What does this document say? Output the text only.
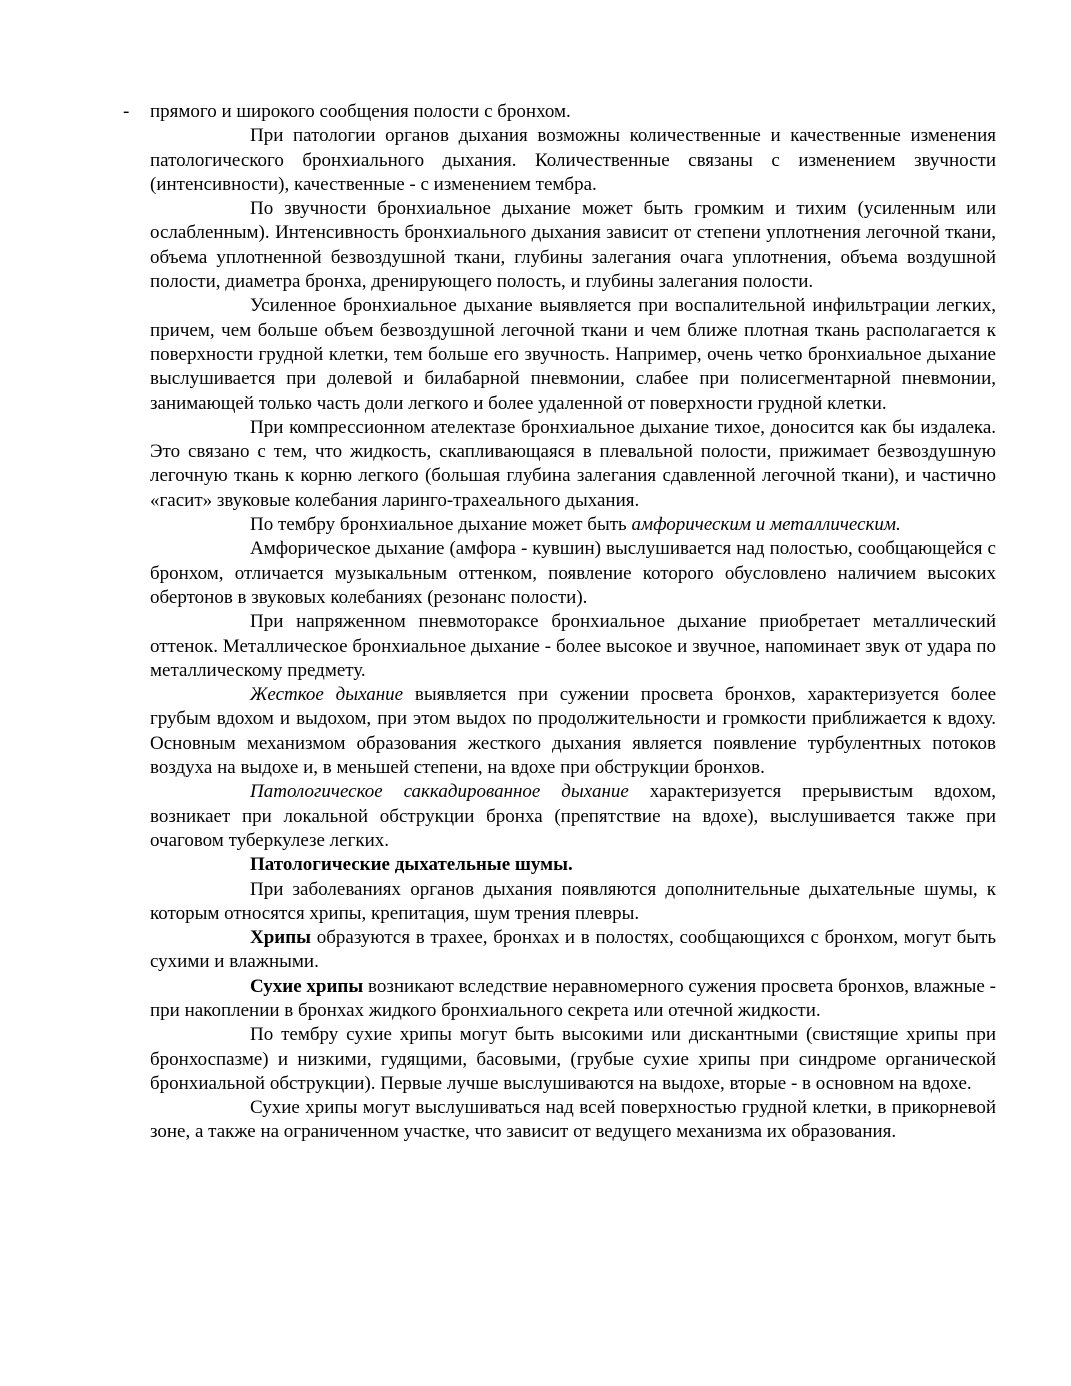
- прямого и широкого сообщения полости с бронхом.

При патологии органов дыхания возможны количественные и качественные изменения патологического бронхиального дыхания. Количественные связаны с изменением звучности (интенсивности), качественные - с изменением тембра.

По звучности бронхиальное дыхание может быть громким и тихим (усиленным или ослабленным). Интенсивность бронхиального дыхания зависит от степени уплотнения легочной ткани, объема уплотненной безвоздушной ткани, глубины залегания очага уплотнения, объема воздушной полости, диаметра бронха, дренирующего полость, и глубины залегания полости.

Усиленное бронхиальное дыхание выявляется при воспалительной инфильтрации легких, причем, чем больше объем безвоздушной легочной ткани и чем ближе плотная ткань располагается к поверхности грудной клетки, тем больше его звучность. Например, очень четко бронхиальное дыхание выслушивается при долевой и билабарной пневмонии, слабее при полисегментарной пневмонии, занимающей только часть доли легкого и более удаленной от поверхности грудной клетки.

При компрессионном ателектазе бронхиальное дыхание тихое, доносится как бы издалека. Это связано с тем, что жидкость, скапливающаяся в плевальной полости, прижимает безвоздушную легочную ткань к корню легкого (большая глубина залегания сдавленной легочной ткани), и частично «гасит» звуковые колебания ларинго-трахеального дыхания.

По тембру бронхиальное дыхание может быть амфорическим и металлическим.

Амфорическое дыхание (амфора - кувшин) выслушивается над полостью, сообщающейся с бронхом, отличается музыкальным оттенком, появление которого обусловлено наличием высоких обертонов в звуковых колебаниях (резонанс полости).

При напряженном пневмотораксе бронхиальное дыхание приобретает металлический оттенок. Металлическое бронхиальное дыхание - более высокое и звучное, напоминает звук от удара по металлическому предмету.

Жесткое дыхание выявляется при сужении просвета бронхов, характеризуется более грубым вдохом и выдохом, при этом выдох по продолжительности и громкости приближается к вдоху. Основным механизмом образования жесткого дыхания является появление турбулентных потоков воздуха на выдохе и, в меньшей степени, на вдохе при обструкции бронхов.

Патологическое саккадированное дыхание характеризуется прерывистым вдохом, возникает при локальной обструкции бронха (препятствие на вдохе), выслушивается также при очаговом туберкулезе легких.

Патологические дыхательные шумы.

При заболеваниях органов дыхания появляются дополнительные дыхательные шумы, к которым относятся хрипы, крепитация, шум трения плевры.

Хрипы образуются в трахее, бронхах и в полостях, сообщающихся с бронхом, могут быть сухими и влажными.

Сухие хрипы возникают вследствие неравномерного сужения просвета бронхов, влажные - при накоплении в бронхах жидкого бронхиального секрета или отечной жидкости.

По тембру сухие хрипы могут быть высокими или дискантными (свистящие хрипы при бронхоспазме) и низкими, гудящими, басовыми, (грубые сухие хрипы при синдроме органической бронхиальной обструкции). Первые лучше выслушиваются на выдохе, вторые - в основном на вдохе.

Сухие хрипы могут выслушиваться над всей поверхностью грудной клетки, в прикорневой зоне, а также на ограниченном участке, что зависит от ведущего механизма их образования.
